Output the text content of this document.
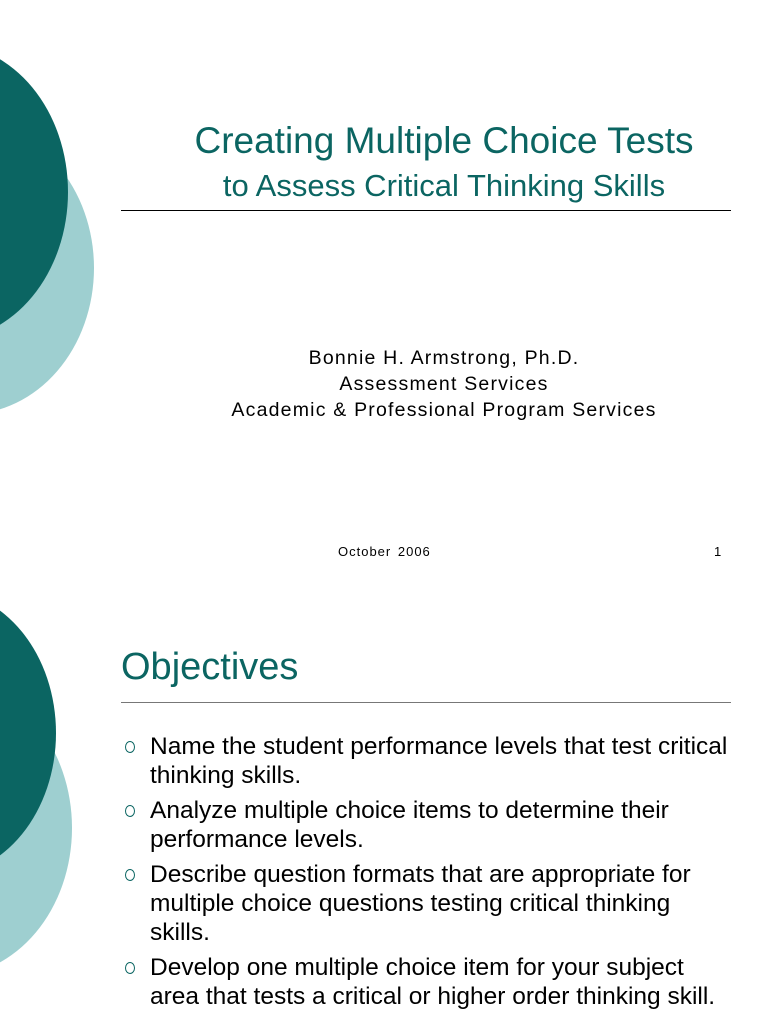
Creating Multiple Choice Tests
to Assess Critical Thinking Skills
Bonnie H. Armstrong, Ph.D.
Assessment Services
Academic & Professional Program Services
October 2006	1
Objectives
Name the student performance levels that test critical thinking skills.
Analyze multiple choice items to determine their performance levels.
Describe question formats that are appropriate for multiple choice questions testing critical thinking skills.
Develop one multiple choice item for your subject area that tests a critical or higher order thinking skill.
